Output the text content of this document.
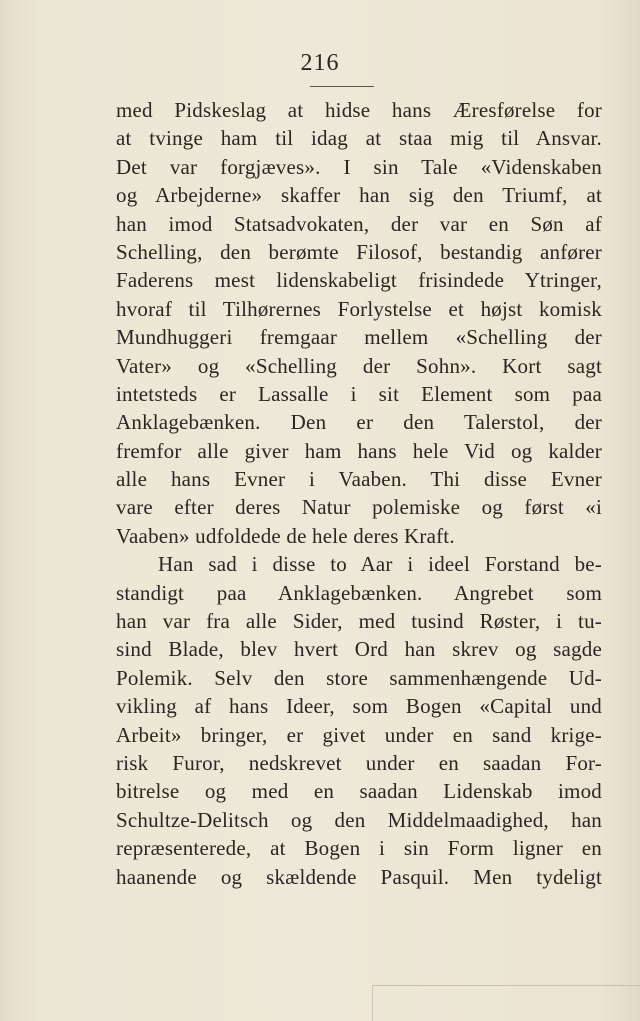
216
med Pidskeslag at hidse hans Æresførelse for
at tvinge ham til idag at staa mig til Ansvar.
Det var forgjæves». I sin Tale «Videnskaben
og Arbejderne» skaffer han sig den Triumf, at
han imod Statsadvokaten, der var en Søn af
Schelling, den berømte Filosof, bestandig anfører
Faderens mest lidenskabeligt frisindede Ytringer,
hvoraf til Tilhørernes Forlystelse et højst komisk
Mundhuggeri fremgaar mellem «Schelling der
Vater» og «Schelling der Sohn». Kort sagt
intetsteds er Lassalle i sit Element som paa
Anklagebænken. Den er den Talerstol, der
fremfor alle giver ham hans hele Vid og kalder
alle hans Evner i Vaaben. Thi disse Evner
vare efter deres Natur polemiske og først «i
Vaaben» udfoldede de hele deres Kraft.
Han sad i disse to Aar i ideel Forstand be-
standigt paa Anklagebænken. Angrebet som
han var fra alle Sider, med tusind Røster, i tu-
sind Blade, blev hvert Ord han skrev og sagde
Polemik. Selv den store sammenhængende Ud-
vikling af hans Ideer, som Bogen «Capital und
Arbeit» bringer, er givet under en sand krige-
risk Furor, nedskrevet under en saadan For-
bitrelse og med en saadan Lidenskab imod
Schultze-Delitsch og den Middelmaadighed, han
repræsenterede, at Bogen i sin Form ligner en
haanende og skældende Pasquil. Men tydeligt
